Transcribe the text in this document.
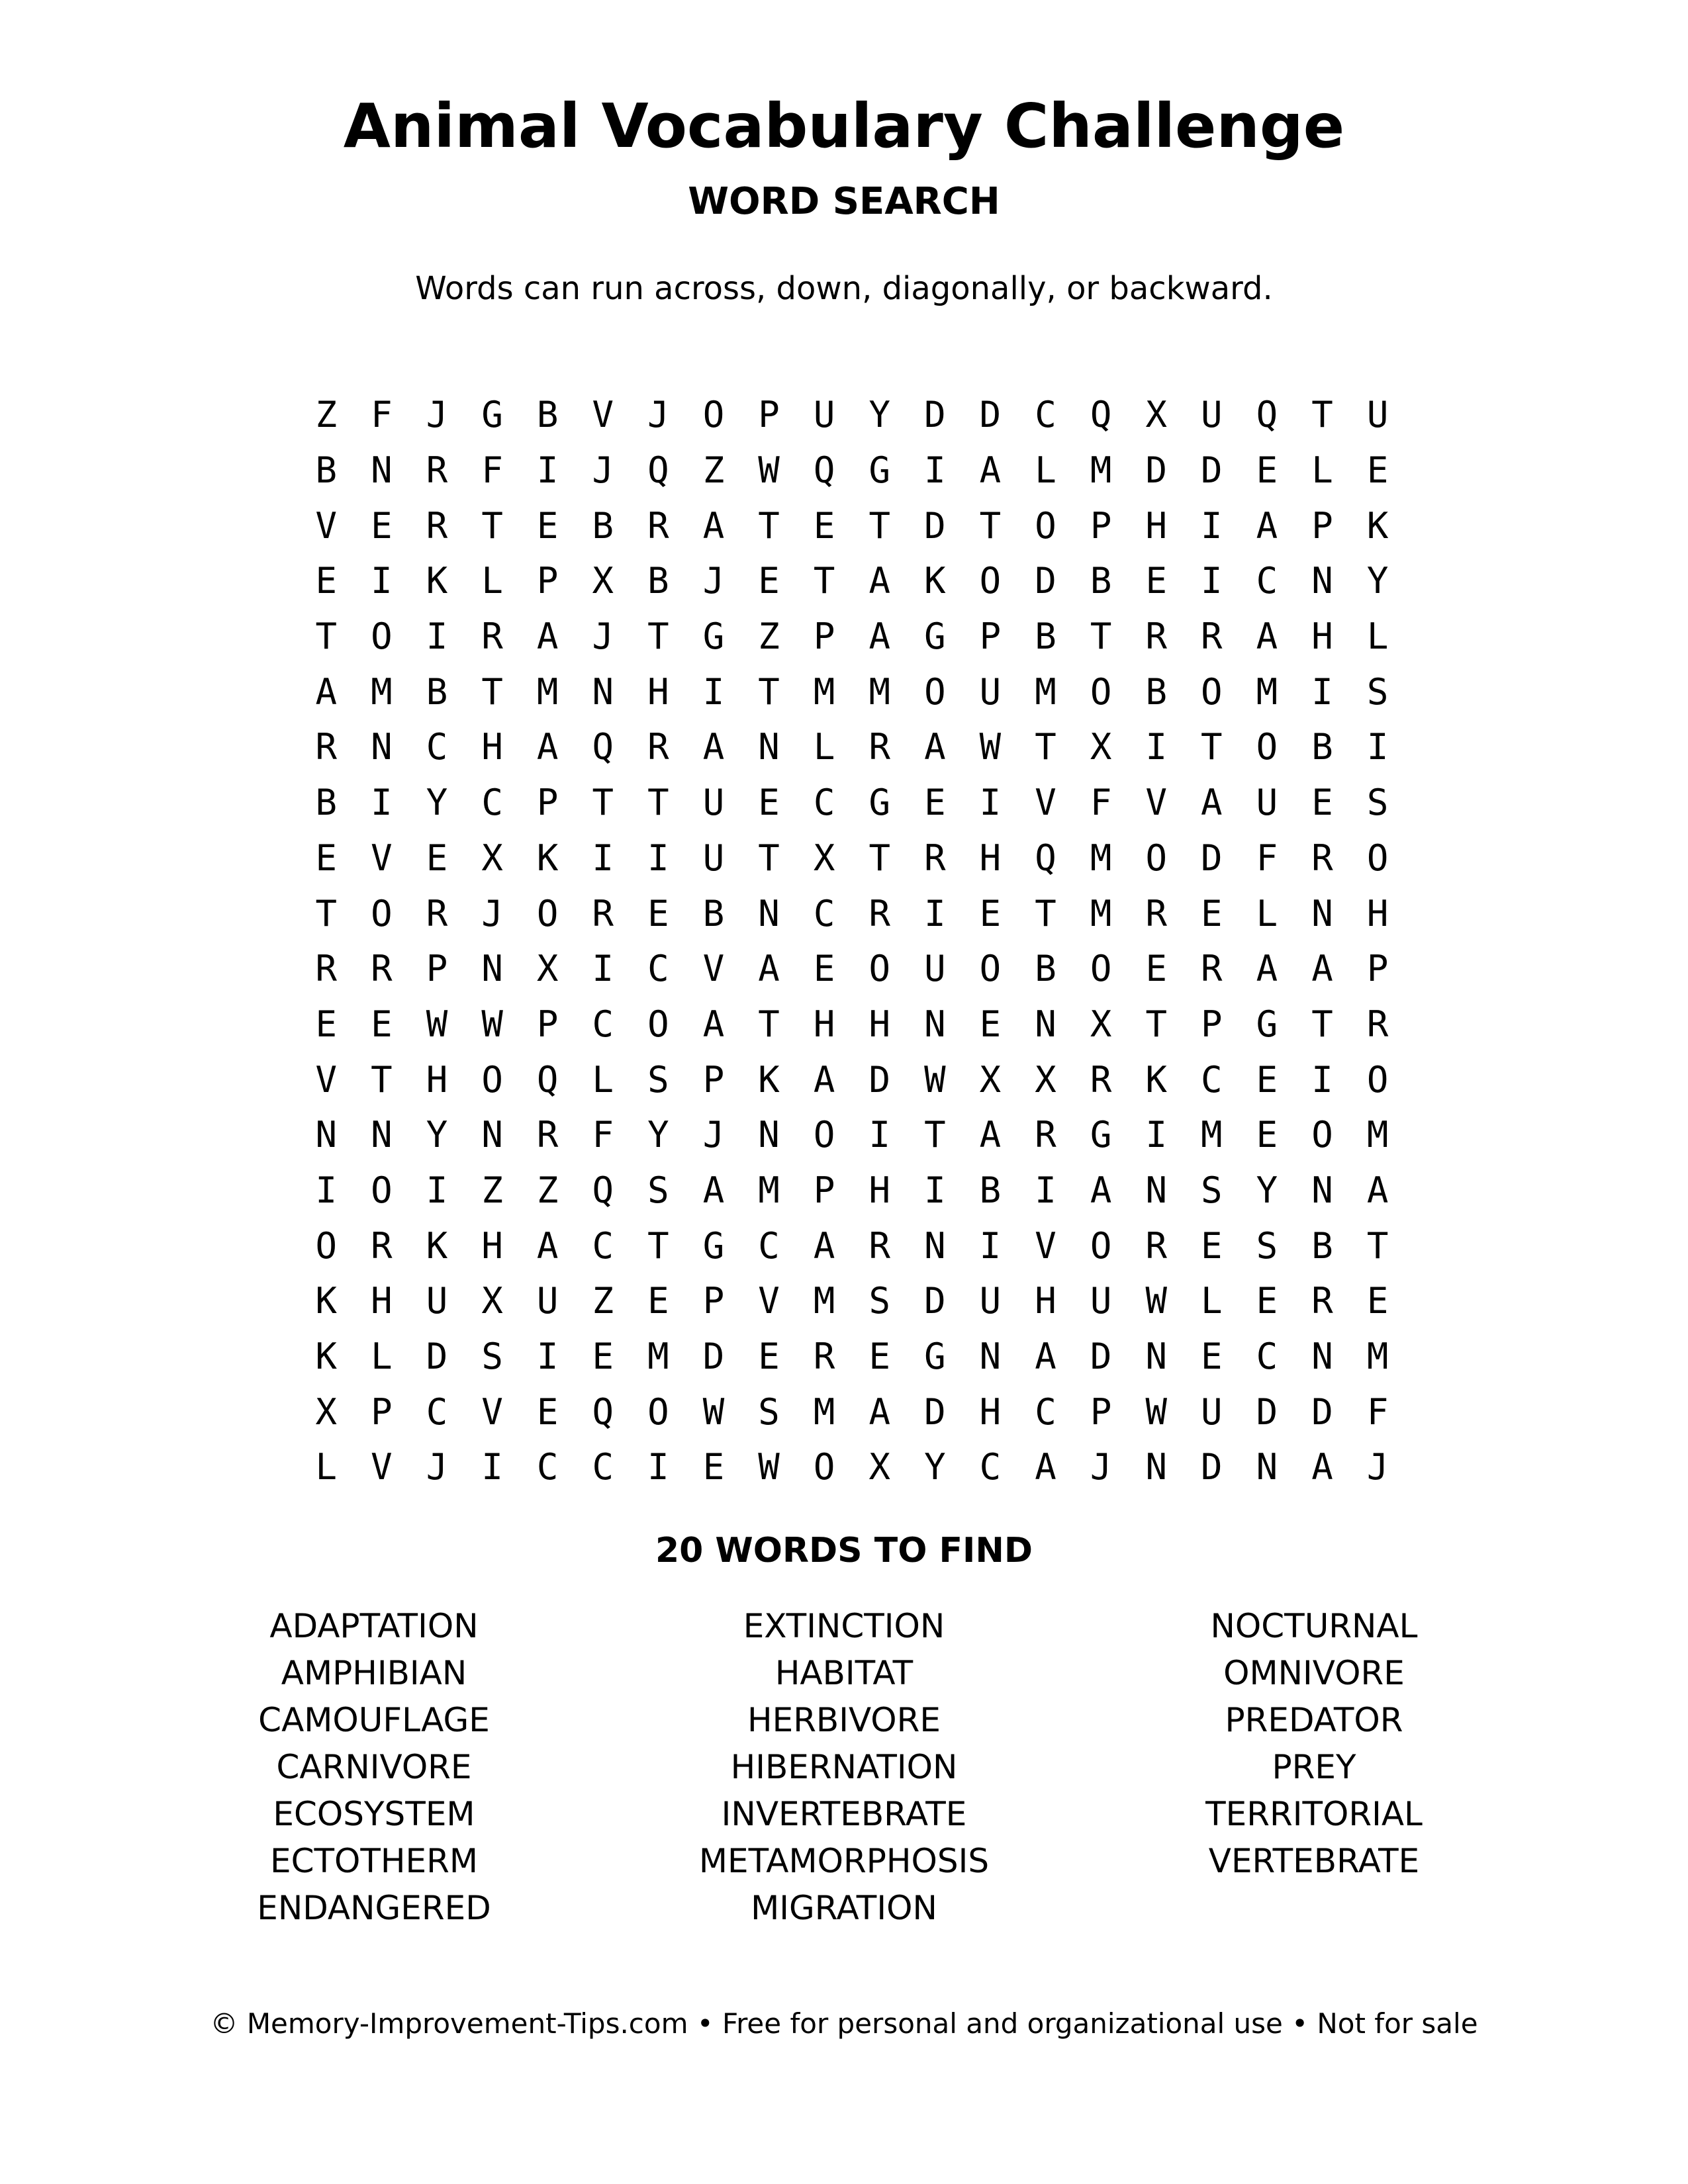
Animal Vocabulary Challenge
WORD SEARCH
Words can run across, down, diagonally, or backward.
Z F J G B V J O P U Y D D C Q X U Q T U
B N R F I J Q Z W Q G I A L M D D E L E
V E R T E B R A T E T D T O P H I A P K
E I K L P X B J E T A K O D B E I C N Y
T O I R A J T G Z P A G P B T R R A H L
A M B T M N H I T M M O U M O B O M I S
R N C H A Q R A N L R A W T X I T O B I
B I Y C P T T U E C G E I V F V A U E S
E V E X K I I U T X T R H Q M O D F R O
T O R J O R E B N C R I E T M R E L N H
R R P N X I C V A E O U O B O E R A A P
E E W W P C O A T H H N E N X T P G T R
V T H O Q L S P K A D W X X R K C E I O
N N Y N R F Y J N O I T A R G I M E O M
I O I Z Z Q S A M P H I B I A N S Y N A
O R K H A C T G C A R N I V O R E S B T
K H U X U Z E P V M S D U H U W L E R E
K L D S I E M D E R E G N A D N E C N M
X P C V E Q O W S M A D H C P W U D D F
L V J I C C I E W O X Y C A J N D N A J
20 WORDS TO FIND
ADAPTATION
AMPHIBIAN
CAMOUFLAGE
CARNIVORE
ECOSYSTEM
ECTOTHERM
ENDANGERED
EXTINCTION
HABITAT
HERBIVORE
HIBERNATION
INVERTEBRATE
METAMORPHOSIS
MIGRATION
NOCTURNAL
OMNIVORE
PREDATOR
PREY
TERRITORIAL
VERTEBRATE
© Memory-Improvement-Tips.com • Free for personal and organizational use • Not for sale
